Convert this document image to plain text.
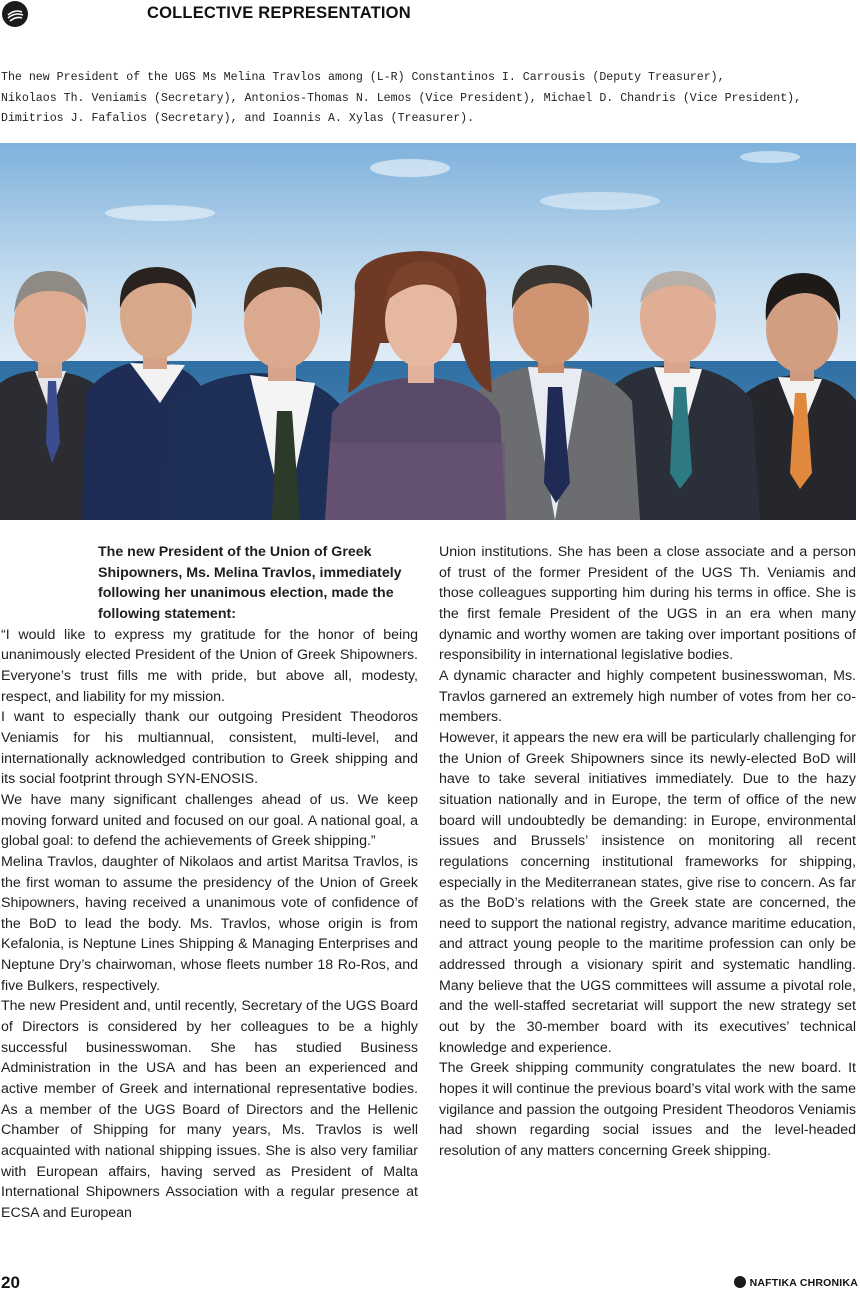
COLLECTIVE REPRESENTATION
The new President of the UGS Ms Melina Travlos among (L-R) Constantinos I. Carrousis (Deputy Treasurer),
Nikolaos Th. Veniamis (Secretary), Antonios-Thomas N. Lemos (Vice President), Michael D. Chandris (Vice President),
Dimitrios J. Fafalios (Secretary), and Ioannis A. Xylas (Treasurer).

The new President of the Union of Greek Shipowners, Ms. Melina Travlos, immediately following her unanimous election, made the following statement:

“I would like to express my gratitude for the honor of being unanimously elected President of the Union of Greek Shipowners. Everyone’s trust fills me with pride, but above all, modesty, respect, and liability for my mission.

I want to especially thank our outgoing President Theodoros Veniamis for his multiannual, consistent, multi-level, and internationally acknowledged contribution to Greek shipping and its social footprint through SYN-ENOSIS.

We have many significant challenges ahead of us. We keep moving forward united and focused on our goal. A national goal, a global goal: to defend the achievements of Greek shipping.”

Melina Travlos, daughter of Nikolaos and artist Maritsa Travlos, is the first woman to assume the presidency of the Union of Greek Shipowners, having received a unanimous vote of confidence of the BoD to lead the body. Ms. Travlos, whose origin is from Kefalonia, is Neptune Lines Shipping & Managing Enterprises and Neptune Dry’s chairwoman, whose fleets number 18 Ro-Ros, and five Bulkers, respectively.

The new President and, until recently, Secretary of the UGS Board of Directors is considered by her colleagues to be a highly successful businesswoman. She has studied Business Administration in the USA and has been an experienced and active member of Greek and international representative bodies. As a member of the UGS Board of Directors and the Hellenic Chamber of Shipping for many years, Ms. Travlos is well acquainted with national shipping issues. She is also very familiar with European affairs, having served as President of Malta International Shipowners Association with a regular presence at ECSA and European

Union institutions. She has been a close associate and a person of trust of the former President of the UGS Th. Veniamis and those colleagues supporting him during his terms in office. She is the first female President of the UGS in an era when many dynamic and worthy women are taking over important positions of responsibility in international legislative bodies.

A dynamic character and highly competent businesswoman, Ms. Travlos garnered an extremely high number of votes from her co-members.

However, it appears the new era will be particularly challenging for the Union of Greek Shipowners since its newly-elected BoD will have to take several initiatives immediately. Due to the hazy situation nationally and in Europe, the term of office of the new board will undoubtedly be demanding: in Europe, environmental issues and Brussels’ insistence on monitoring all recent regulations concerning institutional frameworks for shipping, especially in the Mediterranean states, give rise to concern. As far as the BoD’s relations with the Greek state are concerned, the need to support the national registry, advance maritime education, and attract young people to the maritime profession can only be addressed through a visionary spirit and systematic handling. Many believe that the UGS committees will assume a pivotal role, and the well-staffed secretariat will support the new strategy set out by the 30-member board with its executives’ technical knowledge and experience.

The Greek shipping community congratulates the new board. It hopes it will continue the previous board’s vital work with the same vigilance and passion the outgoing President Theodoros Veniamis had shown regarding social issues and the level-headed resolution of any matters concerning Greek shipping.

20	NAFTIKA CHRONIKA
